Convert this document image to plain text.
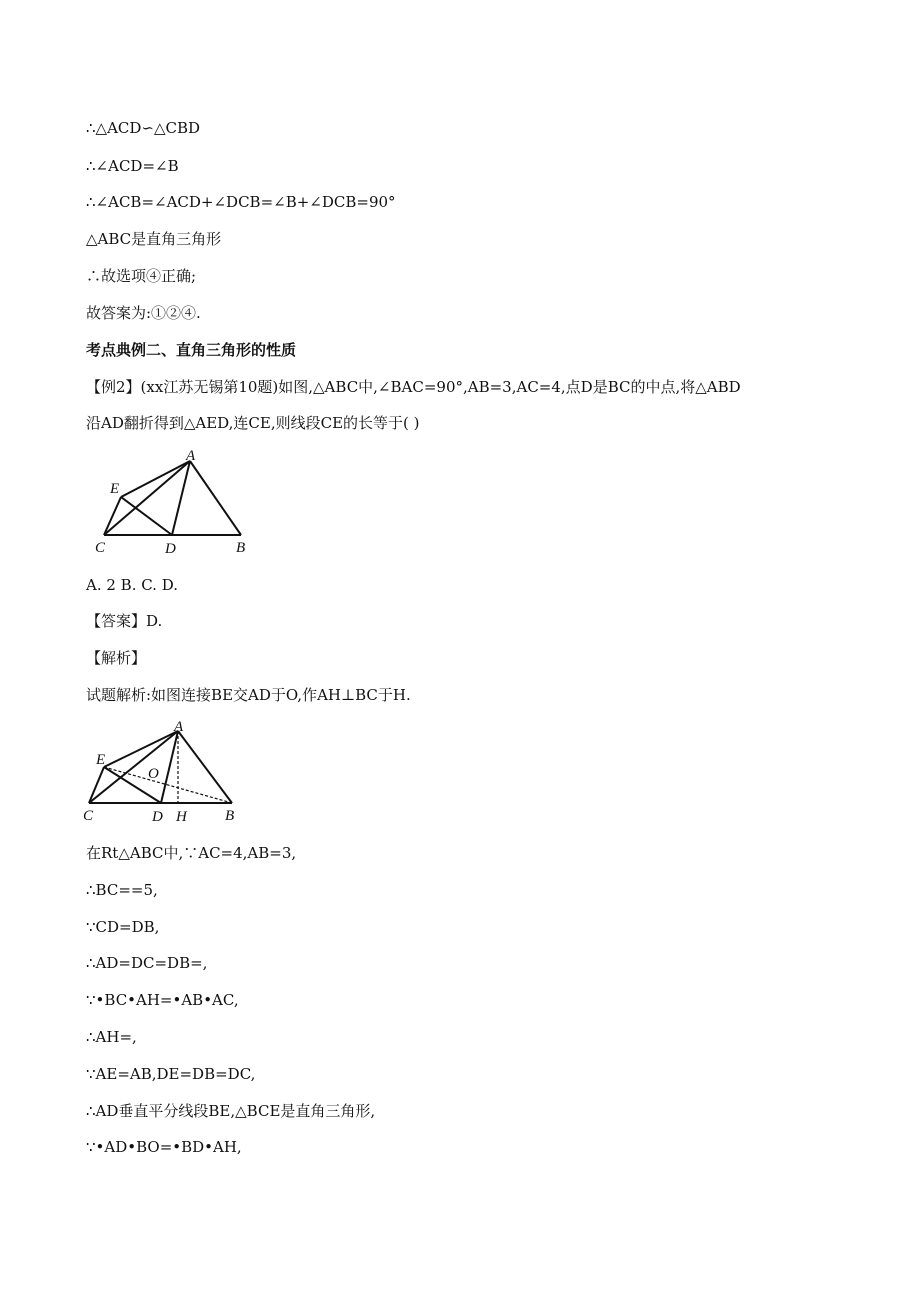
∴△ACD∽△CBD
∴∠ACD=∠B
∴∠ACB=∠ACD+∠DCB=∠B+∠DCB=90°
△ABC是直角三角形
∴故选项④正确;
故答案为:①②④.
考点典例二、直角三角形的性质
【例2】(xx江苏无锡第10题)如图,△ABC中,∠BAC=90°,AB=3,AC=4,点D是BC的中点,将△ABD
沿AD翻折得到△AED,连CE,则线段CE的长等于( )
A
E
C	D	B
A. 2 B. C. D.
【答案】D.
【解析】
试题解析:如图连接BE交AD于O,作AH⊥BC于H.
A
E
O
C	D H	B
在Rt△ABC中,∵AC=4,AB=3,
∴BC==5,
∵CD=DB,
∴AD=DC=DB=,
∵•BC•AH=•AB•AC,
∴AH=,
∵AE=AB,DE=DB=DC,
∴AD垂直平分线段BE,△BCE是直角三角形,
∵•AD•BO=•BD•AH,
